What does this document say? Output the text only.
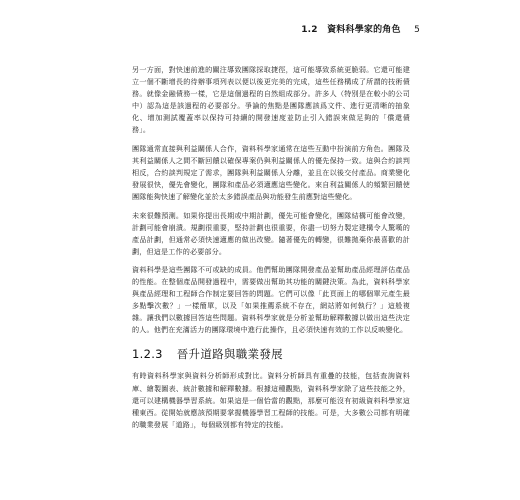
1.2 資料科學家的角色 5

另一方面，對快速前進的關注導致團隊採取捷徑，這可能導致系統更脆弱。它還可能建立一個不斷增長的待辦事項列表以便以後更完美的完成，這些任務構成了所謂的技術債務。就像金融債務一樣，它是這個過程的自然組成部分。許多人（特別是在較小的公司中）認為這是該過程的必要部分。爭論的焦點是團隊應該爲文件、進行更清晰的抽象化、增加測試覆蓋率以保持可持續的開發速度並防止引入錯誤來做足夠的「償還債務」。

團隊通常直接與利益關係人合作，資料科學家通常在這些互動中扮演前方角色。團隊及其利益關係人之間不斷回饋以確保專案仍與利益關係人的優先保持一致。這與合約談判相反，合約談判規定了需求，團隊與利益關係人分離，並且在以後交付產品。商業變化發展很快，優先會變化，團隊和產品必須適應這些變化。來自利益關係人的頻繁回饋使團隊能夠快速了解變化並於太多錯誤產品與功能發生前應對這些變化。

未來很難預測。如果你提出長期或中期計劃，優先可能會變化，團隊結構可能會改變，計劃可能會崩潰。規劃很重要，堅持計劃也很重要，你盡一切努力製定建構令人驚嘆的產品計劃，但通常必須快速適應的做出改變。隨著優先的轉變，很難拋棄你最喜歡的計劃，但這是工作的必要部分。

資料科學是這些團隊不可或缺的成員。他們幫助團隊開發產品並幫助產品經理評估產品的性能。在整個產品開發過程中，需要做出幫助其功能的關鍵決策。為此，資料科學家與產品經理和工程師合作制定要回答的問題。它們可以像「此頁面上的哪個單元產生最多點擊次數？」一樣簡單，以及「如果推薦系統不存在，網站將如何執行？」這般複雜。讓我們以數據回答這些問題。資料科學家就是分析並幫助解釋數據以做出這些決定的人。他們在充滿活力的團隊環境中進行此操作，且必須快速有效的工作以反映變化。

1.2.3 晉升道路與職業發展

有時資料科學家與資料分析師形成對比。資料分析師具有重疊的技能，包括查詢資料庫、繪製圖表、統計數據和解釋數據。根據這種觀點，資料科學家除了這些技能之外，還可以建構機器學習系統。如果這是一個恰當的觀點，那麼可能沒有初級資料科學家這種東西。從開始就應該預期要掌握機器學習工程師的技能。可是，大多數公司都有明確的職業發展「道路」，每個級別都有特定的技能。
